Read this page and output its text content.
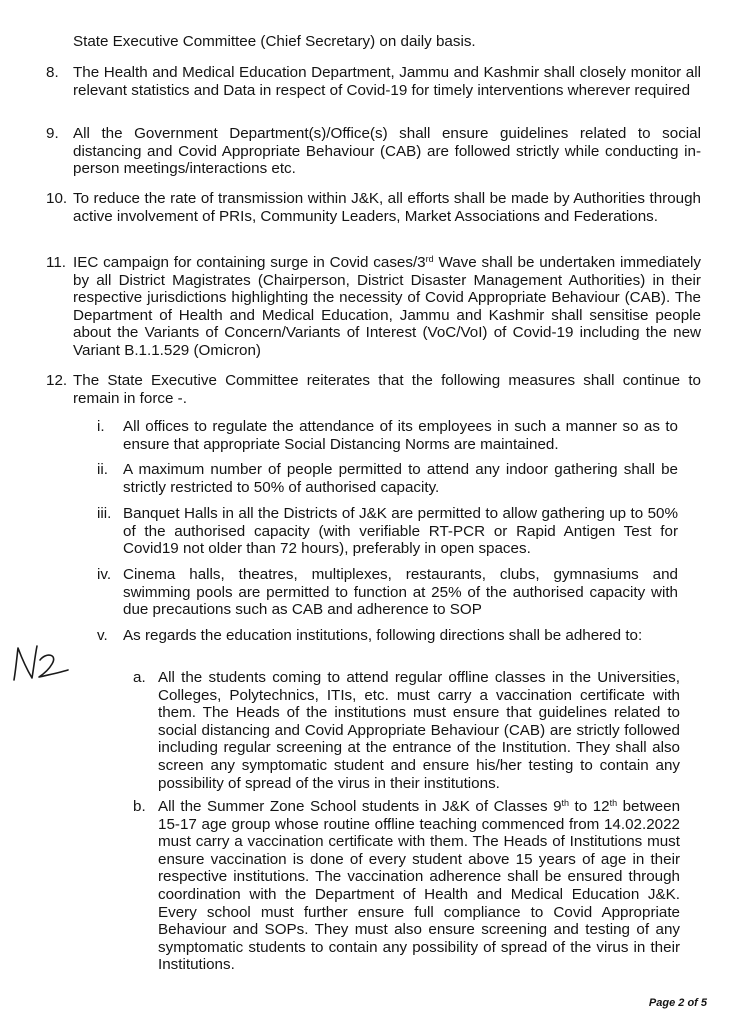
State Executive Committee (Chief Secretary) on daily basis.
8. The Health and Medical Education Department, Jammu and Kashmir shall closely monitor all relevant statistics and Data in respect of Covid-19 for timely interventions wherever required
9. All the Government Department(s)/Office(s) shall ensure guidelines related to social distancing and Covid Appropriate Behaviour (CAB) are followed strictly while conducting in-person meetings/interactions etc.
10. To reduce the rate of transmission within J&K, all efforts shall be made by Authorities through active involvement of PRIs, Community Leaders, Market Associations and Federations.
11. IEC campaign for containing surge in Covid cases/3rd Wave shall be undertaken immediately by all District Magistrates (Chairperson, District Disaster Management Authorities) in their respective jurisdictions highlighting the necessity of Covid Appropriate Behaviour (CAB). The Department of Health and Medical Education, Jammu and Kashmir shall sensitise people about the Variants of Concern/Variants of Interest (VoC/VoI) of Covid-19 including the new Variant B.1.1.529 (Omicron)
12. The State Executive Committee reiterates that the following measures shall continue to remain in force -.
i. All offices to regulate the attendance of its employees in such a manner so as to ensure that appropriate Social Distancing Norms are maintained.
ii. A maximum number of people permitted to attend any indoor gathering shall be strictly restricted to 50% of authorised capacity.
iii. Banquet Halls in all the Districts of J&K are permitted to allow gathering up to 50% of the authorised capacity (with verifiable RT-PCR or Rapid Antigen Test for Covid19 not older than 72 hours), preferably in open spaces.
iv. Cinema halls, theatres, multiplexes, restaurants, clubs, gymnasiums and swimming pools are permitted to function at 25% of the authorised capacity with due precautions such as CAB and adherence to SOP
v. As regards the education institutions, following directions shall be adhered to:
a. All the students coming to attend regular offline classes in the Universities, Colleges, Polytechnics, ITIs, etc. must carry a vaccination certificate with them. The Heads of the institutions must ensure that guidelines related to social distancing and Covid Appropriate Behaviour (CAB) are strictly followed including regular screening at the entrance of the Institution. They shall also screen any symptomatic student and ensure his/her testing to contain any possibility of spread of the virus in their institutions.
b. All the Summer Zone School students in J&K of Classes 9th to 12th between 15-17 age group whose routine offline teaching commenced from 14.02.2022 must carry a vaccination certificate with them. The Heads of Institutions must ensure vaccination is done of every student above 15 years of age in their respective institutions. The vaccination adherence shall be ensured through coordination with the Department of Health and Medical Education J&K. Every school must further ensure full compliance to Covid Appropriate Behaviour and SOPs. They must also ensure screening and testing of any symptomatic students to contain any possibility of spread of the virus in their Institutions.
Page 2 of 5
